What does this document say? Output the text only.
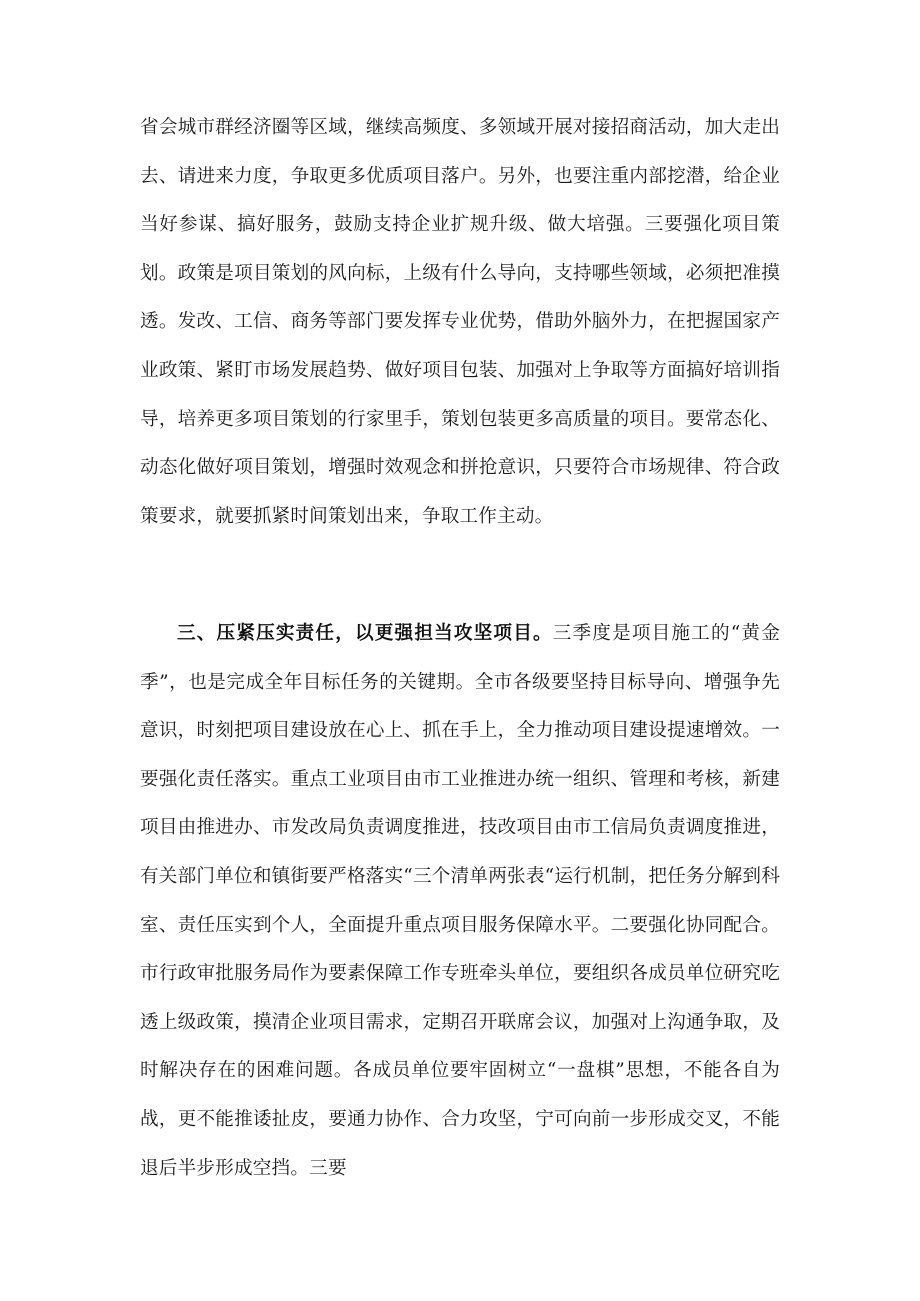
省会城市群经济圈等区域，继续高频度、多领域开展对接招商活动，加大走出去、请进来力度，争取更多优质项目落户。另外，也要注重内部挖潜，给企业当好参谋、搞好服务，鼓励支持企业扩规升级、做大培强。三要强化项目策划。政策是项目策划的风向标，上级有什么导向，支持哪些领域，必须把准摸透。发改、工信、商务等部门要发挥专业优势，借助外脑外力，在把握国家产业政策、紧盯市场发展趋势、做好项目包装、加强对上争取等方面搞好培训指导，培养更多项目策划的行家里手，策划包装更多高质量的项目。要常态化、动态化做好项目策划，增强时效观念和拼抢意识，只要符合市场规律、符合政策要求，就要抓紧时间策划出来，争取工作主动。

三、压紧压实责任，以更强担当攻坚项目。三季度是项目施工的“黄金季”，也是完成全年目标任务的关键期。全市各级要坚持目标导向、增强争先意识，时刻把项目建设放在心上、抓在手上，全力推动项目建设提速增效。一要强化责任落实。重点工业项目由市工业推进办统一组织、管理和考核，新建项目由推进办、市发改局负责调度推进，技改项目由市工信局负责调度推进，有关部门单位和镇街要严格落实“三个清单两张表“运行机制，把任务分解到科室、责任压实到个人，全面提升重点项目服务保障水平。二要强化协同配合。市行政审批服务局作为要素保障工作专班牵头单位，要组织各成员单位研究吃透上级政策，摸清企业项目需求，定期召开联席会议，加强对上沟通争取，及时解决存在的困难问题。各成员单位要牢固树立“一盘棋”思想，不能各自为战，更不能推诿扯皮，要通力协作、合力攻坚，宁可向前一步形成交叉，不能退后半步形成空挡。三要
